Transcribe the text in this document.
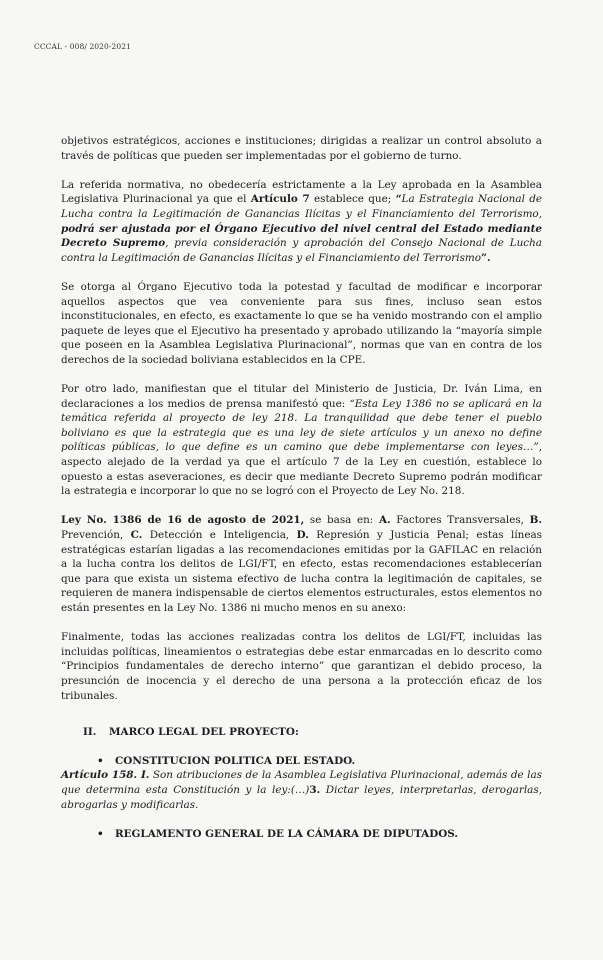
CCCAL - 008/ 2020-2021

objetivos estratégicos, acciones e instituciones; dirigidas a realizar un control absoluto a través de políticas que pueden ser implementadas por el gobierno de turno.

La referida normativa, no obedecería estrictamente a la Ley aprobada en la Asamblea Legislativa Plurinacional ya que el Artículo 7 establece que; “La Estrategia Nacional de Lucha contra la Legitimación de Ganancias Ilícitas y el Financiamiento del Terrorismo, podrá ser ajustada por el Órgano Ejecutivo del nivel central del Estado mediante Decreto Supremo, previa consideración y aprobación del Consejo Nacional de Lucha contra la Legitimación de Ganancias Ilícitas y el Financiamiento del Terrorismo”.

Se otorga al Órgano Ejecutivo toda la potestad y facultad de modificar e incorporar aquellos aspectos que vea conveniente para sus fines, incluso sean estos inconstitucionales, en efecto, es exactamente lo que se ha venido mostrando con el amplio paquete de leyes que el Ejecutivo ha presentado y aprobado utilizando la “mayoría simple que poseen en la Asamblea Legislativa Plurinacional”, normas que van en contra de los derechos de la sociedad boliviana establecidos en la CPE.

Por otro lado, manifiestan que el titular del Ministerio de Justicia, Dr. Iván Lima, en declaraciones a los medios de prensa manifestó que: “Esta Ley 1386 no se aplicará en la temática referida al proyecto de ley 218. La tranquilidad que debe tener el pueblo boliviano es que la estrategia que es una ley de siete artículos y un anexo no define políticas públicas, lo que define es un camino que debe implementarse con leyes…”, aspecto alejado de la verdad ya que el artículo 7 de la Ley en cuestión, establece lo opuesto a estas aseveraciones, es decir que mediante Decreto Supremo podrán modificar la estrategia e incorporar lo que no se logró con el Proyecto de Ley No. 218.

Ley No. 1386 de 16 de agosto de 2021, se basa en: A. Factores Transversales, B. Prevención, C. Detección e Inteligencia, D. Represión y Justicia Penal; estas líneas estratégicas estarían ligadas a las recomendaciones emitidas por la GAFILAC en relación a la lucha contra los delitos de LGI/FT, en efecto, estas recomendaciones establecerían que para que exista un sistema efectivo de lucha contra la legitimación de capitales, se requieren de manera indispensable de ciertos elementos estructurales, estos elementos no están presentes en la Ley No. 1386 ni mucho menos en su anexo:

Finalmente, todas las acciones realizadas contra los delitos de LGI/FT, incluidas las incluidas políticas, lineamientos o estrategias debe estar enmarcadas en lo descrito como “Principios fundamentales de derecho interno” que garantizan el debido proceso, la presunción de inocencia y el derecho de una persona a la protección eficaz de los tribunales.

II.	MARCO LEGAL DEL PROYECTO:
•	CONSTITUCION POLITICA DEL ESTADO.

Artículo 158. I. Son atribuciones de la Asamblea Legislativa Plurinacional, además de las que determina esta Constitución y la ley:(…)3. Dictar leyes, interpretarlas, derogarlas, abrogarlas y modificarlas.

•	REGLAMENTO GENERAL DE LA CÁMARA DE DIPUTADOS.
